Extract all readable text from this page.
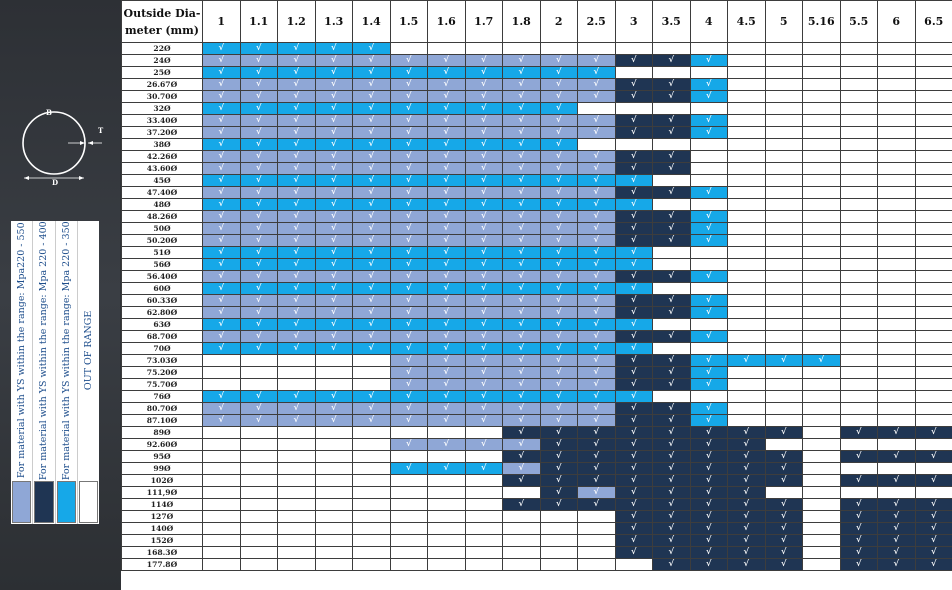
B
T
D
For material with YS within the range: Mpa220 - 550	For material with YS within the range: Mpa 220 - 400	For material with YS within the range: Mpa 220 - 350	OUT OF RANGE
Outside Dia-
meter (mm)	1	1.1	1.2	1.3	1.4	1.5	1.6	1.7	1.8	2	2.5	3	3.5	4	4.5	5	5.16	5.5	6	6.5
22Ø	√	√	√	√	√															
24Ø	√	√	√	√	√	√	√	√	√	√	√	√	√	√						
25Ø	√	√	√	√	√	√	√	√	√	√	√									
26.67Ø	√	√	√	√	√	√	√	√	√	√	√	√	√	√						
30.70Ø	√	√	√	√	√	√	√	√	√	√	√	√	√	√						
32Ø	√	√	√	√	√	√	√	√	√	√										
33.40Ø	√	√	√	√	√	√	√	√	√	√	√	√	√	√						
37.20Ø	√	√	√	√	√	√	√	√	√	√	√	√	√	√						
38Ø	√	√	√	√	√	√	√	√	√	√										
42.26Ø	√	√	√	√	√	√	√	√	√	√	√	√	√							
43.60Ø	√	√	√	√	√	√	√	√	√	√	√	√	√							
45Ø	√	√	√	√	√	√	√	√	√	√	√	√								
47.40Ø	√	√	√	√	√	√	√	√	√	√	√	√	√	√						
48Ø	√	√	√	√	√	√	√	√	√	√	√	√								
48.26Ø	√	√	√	√	√	√	√	√	√	√	√	√	√	√						
50Ø	√	√	√	√	√	√	√	√	√	√	√	√	√	√						
50.20Ø	√	√	√	√	√	√	√	√	√	√	√	√	√	√						
51Ø	√	√	√	√	√	√	√	√	√	√	√	√								
56Ø	√	√	√	√	√	√	√	√	√	√	√	√								
56.40Ø	√	√	√	√	√	√	√	√	√	√	√	√	√	√						
60Ø	√	√	√	√	√	√	√	√	√	√	√	√								
60.33Ø	√	√	√	√	√	√	√	√	√	√	√	√	√	√						
62.80Ø	√	√	√	√	√	√	√	√	√	√	√	√	√	√						
63Ø	√	√	√	√	√	√	√	√	√	√	√	√								
68.70Ø	√	√	√	√	√	√	√	√	√	√	√	√	√	√						
70Ø	√	√	√	√	√	√	√	√	√	√	√	√								
73.03Ø						√	√	√	√	√	√	√	√	√	√	√	√			
75.20Ø						√	√	√	√	√	√	√	√	√						
75.70Ø						√	√	√	√	√	√	√	√	√						
76Ø	√	√	√	√	√	√	√	√	√	√	√	√								
80.70Ø	√	√	√	√	√	√	√	√	√	√	√	√	√	√						
87.10Ø	√	√	√	√	√	√	√	√	√	√	√	√	√	√						
89Ø									√	√	√	√	√	√	√	√		√	√	√
92.60Ø						√	√	√	√	√	√	√	√	√	√					
95Ø									√	√	√	√	√	√	√	√		√	√	√
99Ø						√	√	√	√	√	√	√	√	√	√	√				
102Ø									√	√	√	√	√	√	√	√		√	√	√
111,9Ø										√	√	√	√	√	√					
114Ø									√	√	√	√	√	√	√	√		√	√	√
127Ø												√	√	√	√	√		√	√	√
140Ø												√	√	√	√	√		√	√	√
152Ø												√	√	√	√	√		√	√	√
168.3Ø												√	√	√	√	√		√	√	√
177.8Ø													√	√	√	√		√	√	√
